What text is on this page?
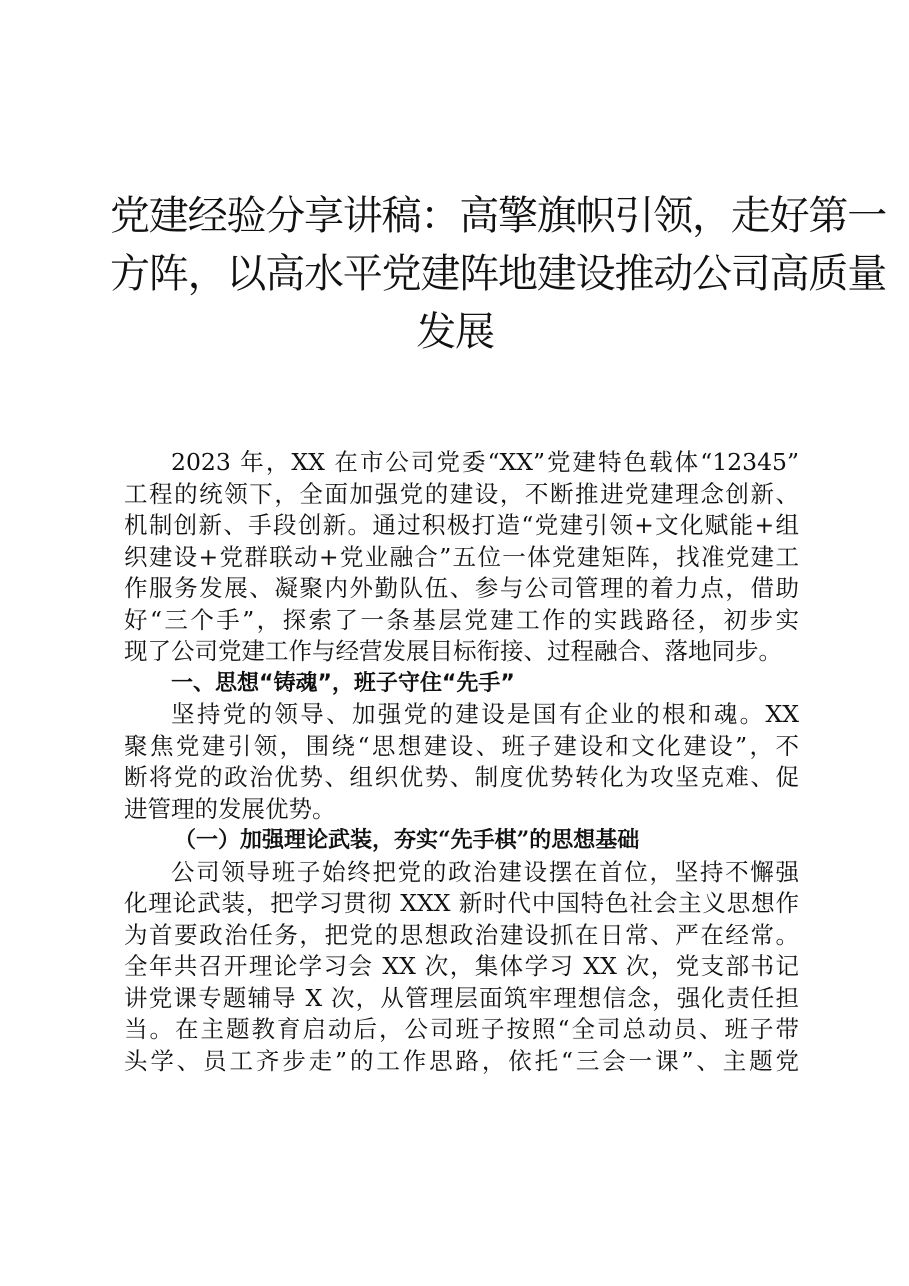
党建经验分享讲稿：高擎旗帜引领，走好第一
方阵，以高水平党建阵地建设推动公司高质量
发展
2023 年，XX 在市公司党委“XX”党建特色载体“12345”
工程的统领下，全面加强党的建设，不断推进党建理念创新、
机制创新、手段创新。通过积极打造“党建引领+文化赋能+组
织建设+党群联动+党业融合”五位一体党建矩阵，找准党建工
作服务发展、凝聚内外勤队伍、参与公司管理的着力点，借助
好“三个手”，探索了一条基层党建工作的实践路径，初步实
现了公司党建工作与经营发展目标衔接、过程融合、落地同步。
一、思想“铸魂”，班子守住“先手”
坚持党的领导、加强党的建设是国有企业的根和魂。XX
聚焦党建引领，围绕“思想建设、班子建设和文化建设”，不
断将党的政治优势、组织优势、制度优势转化为攻坚克难、促
进管理的发展优势。
（一）加强理论武装，夯实“先手棋”的思想基础
公司领导班子始终把党的政治建设摆在首位，坚持不懈强
化理论武装，把学习贯彻 XXX 新时代中国特色社会主义思想作
为首要政治任务，把党的思想政治建设抓在日常、严在经常。
全年共召开理论学习会 XX 次，集体学习 XX 次，党支部书记
讲党课专题辅导 X 次，从管理层面筑牢理想信念，强化责任担
当。在主题教育启动后，公司班子按照“全司总动员、班子带
头学、员工齐步走”的工作思路，依托“三会一课”、主题党
